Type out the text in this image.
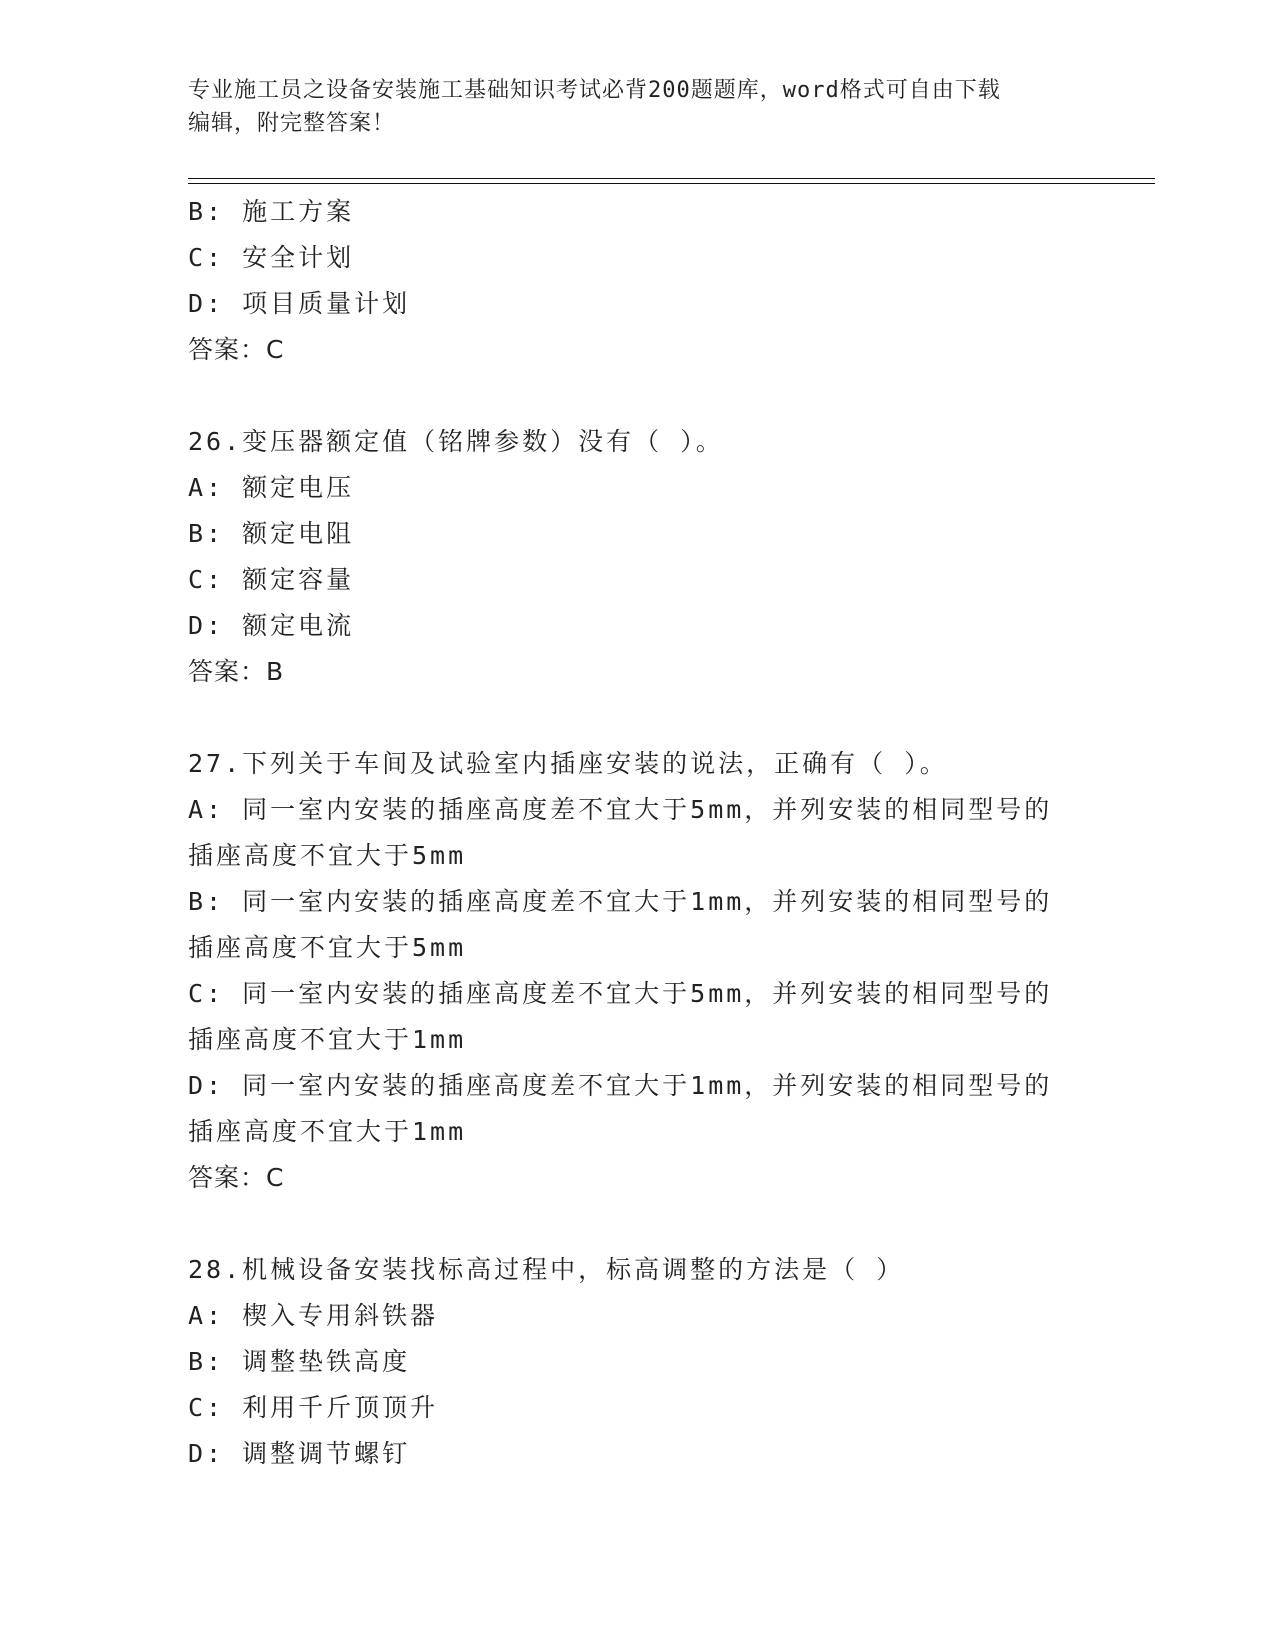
专业施工员之设备安装施工基础知识考试必背200题题库，word格式可自由下载
编辑，附完整答案！
B: 施工方案
C: 安全计划
D: 项目质量计划
答案：C
26.变压器额定值（铭牌参数）没有（ ）。
A: 额定电压
B: 额定电阻
C: 额定容量
D: 额定电流
答案：B
27.下列关于车间及试验室内插座安装的说法，正确有（ ）。
A: 同一室内安装的插座高度差不宜大于5mm，并列安装的相同型号的
插座高度不宜大于5mm
B: 同一室内安装的插座高度差不宜大于1mm，并列安装的相同型号的
插座高度不宜大于5mm
C: 同一室内安装的插座高度差不宜大于5mm，并列安装的相同型号的
插座高度不宜大于1mm
D: 同一室内安装的插座高度差不宜大于1mm，并列安装的相同型号的
插座高度不宜大于1mm
答案：C
28.机械设备安装找标高过程中，标高调整的方法是（ ）
A: 楔入专用斜铁器
B: 调整垫铁高度
C: 利用千斤顶顶升
D: 调整调节螺钉
